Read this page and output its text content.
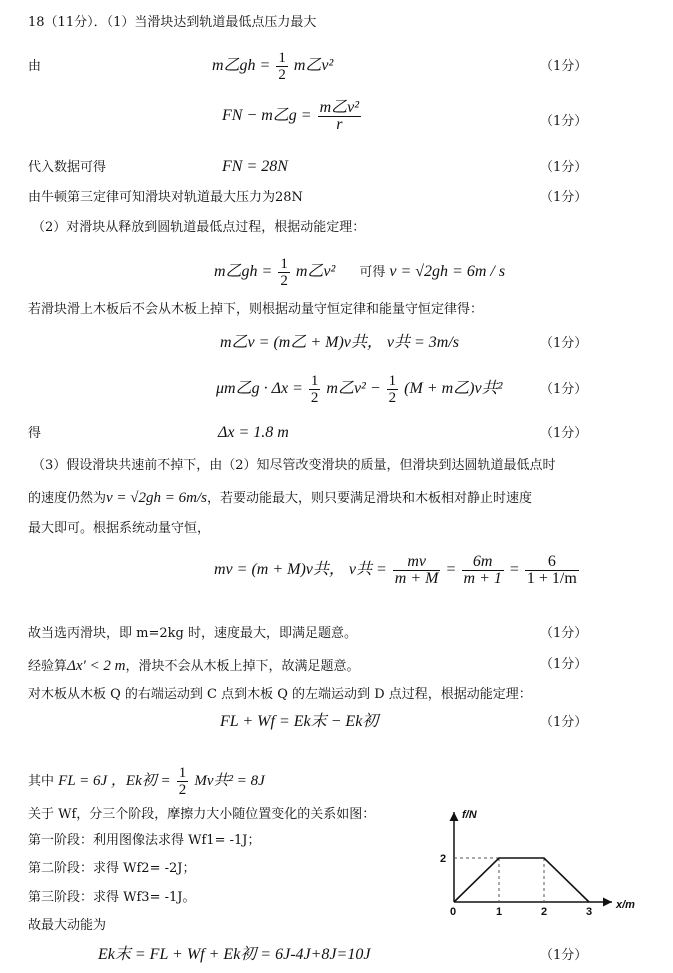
18（11分）．（1）当滑块达到轨道最低点压力最大
由	m乙gh = $\frac{1}{2}$ m乙v²	（1分）
FN − m乙$g = \frac{\text{m乙v²}}{r}$	（1分）
代入数据可得	FN = 28N	（1分）
由牛顿第三定律可知滑块对轨道最大压力为28N	（1分）
（2）对滑块从释放到圆轨道最低点过程，根据动能定理：
m乙gh = $\frac{1}{2}$ m乙v² 可得 v = √2gh = 6m / s
若滑块滑上木板后不会从木板上掉下，则根据动量守恒定律和能量守恒定律得：
m乙v = (m乙 + M)v共， v共 = 3m/s	（1分）
μm乙$g \cdot \Delta x = \frac{1}{2}$ m乙$v^2 - \frac{1}{2} (M + m$乙)v共²	（1分）
得	Δx = 1.8 m	（1分）
（3）假设滑块共速前不掉下，由（2）知尽管改变滑块的质量，但滑块到达圆轨道最低点时
的速度仍然为v = √2gh = 6m/s，若要动能最大，则只要满足滑块和木板相对静止时速度
最大即可。根据系统动量守恒，
mv = (m + M)v共， v共 = $\frac{mv}{m + M} = \frac{6m}{m + 1} = \frac{6}{1 + 1/m}$
故当选丙滑块，即 m=2kg 时，速度最大，即满足题意。	（1分）
经验算Δx′ < 2 m，滑块不会从木板上掉下，故满足题意。	（1分）
对木板从木板 Q 的右端运动到 C 点到木板 Q 的左端运动到 D 点过程，根据动能定理：
FL + Wf = Ek末 − Ek初	（1分）
其中 FL = 6J ，Ek初 = $\frac{1}{2}$ Mv共² = 8J
关于 Wf，分三个阶段，摩擦力大小随位置变化的关系如图：
第一阶段：利用图像法求得 Wf1= -1J；
第二阶段：求得 Wf2= -2J；
第三阶段：求得 Wf3= -1J。
故最大动能为
Ek末 = FL + Wf + Ek初 = 6J-4J+8J=10J	（1分）
f/N
x/m
0	1	2	3
2
